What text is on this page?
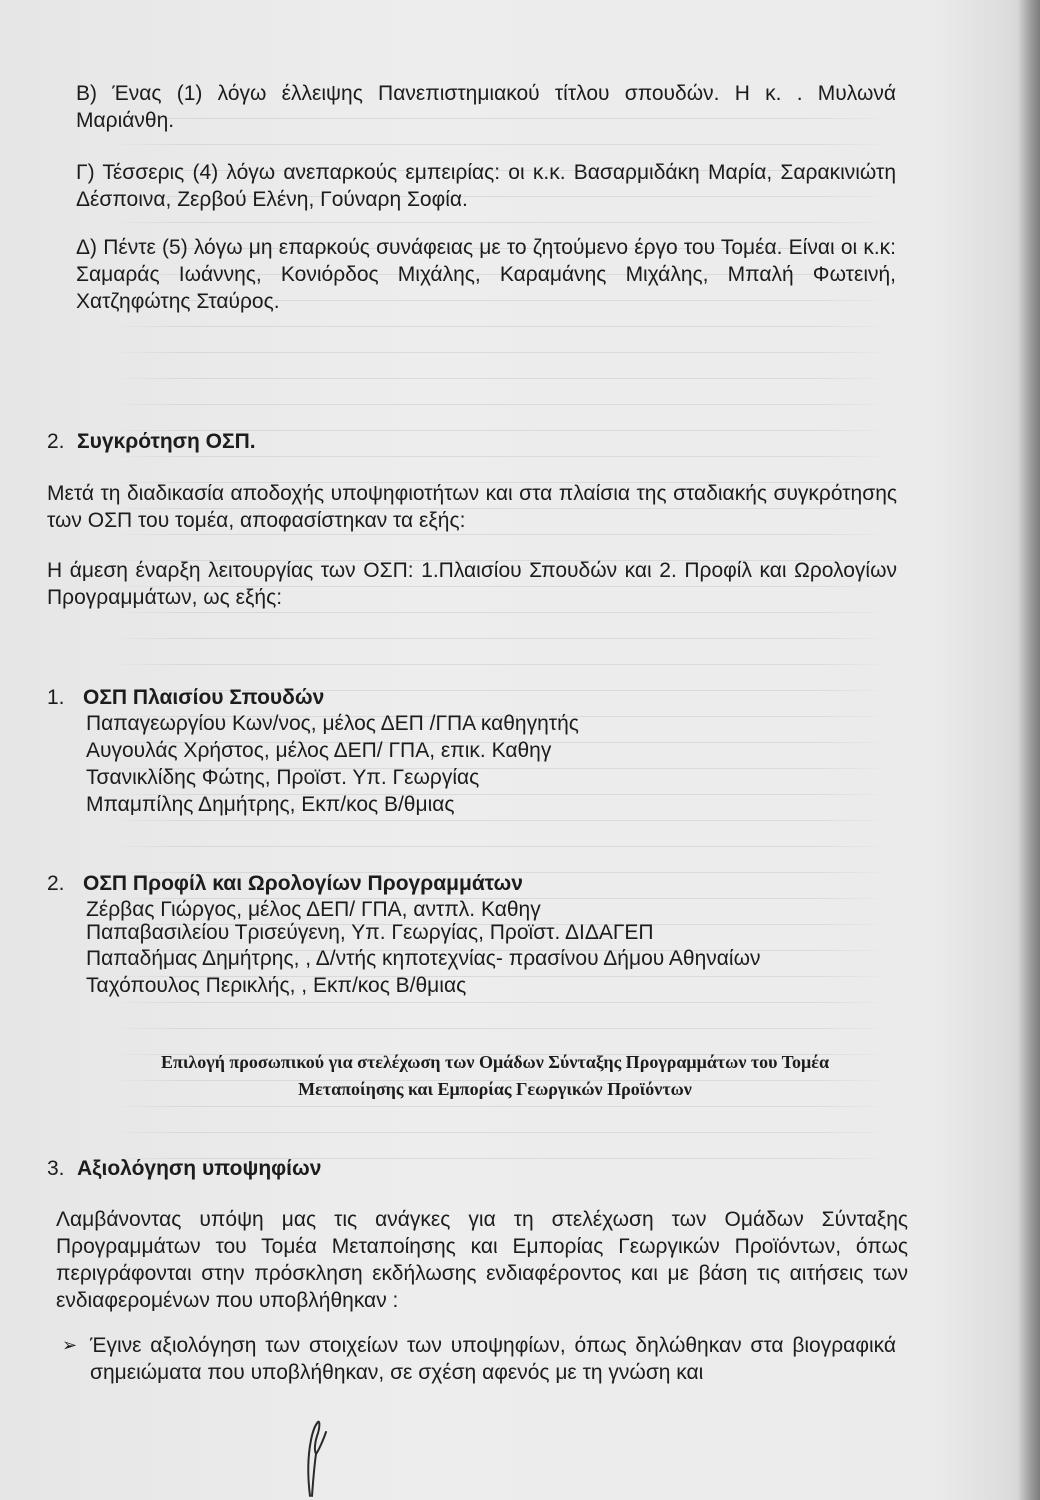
Β) Ένας (1) λόγω έλλειψης Πανεπιστημιακού τίτλου σπουδών. Η κ. . Μυλωνά Μαριάνθη.

Γ) Τέσσερις (4) λόγω ανεπαρκούς εμπειρίας: οι κ.κ. Βασαρμιδάκη Μαρία, Σαρακινιώτη Δέσποινα, Ζερβού Ελένη, Γούναρη Σοφία.

Δ) Πέντε (5) λόγω μη επαρκούς συνάφειας με το ζητούμενο έργο του Τομέα. Είναι οι κ.κ: Σαμαράς Ιωάννης, Κονιόρδος Μιχάλης, Καραμάνης Μιχάλης, Μπαλή Φωτεινή, Χατζηφώτης Σταύρος.

2. Συγκρότηση ΟΣΠ.

Μετά τη διαδικασία αποδοχής υποψηφιοτήτων και στα πλαίσια της σταδιακής συγκρότησης των ΟΣΠ του τομέα, αποφασίστηκαν τα εξής:

Η άμεση έναρξη λειτουργίας των ΟΣΠ: 1.Πλαισίου Σπουδών και 2. Προφίλ και Ωρολογίων Προγραμμάτων, ως εξής:

1. ΟΣΠ Πλαισίου Σπουδών

Παπαγεωργίου Κων/νος, μέλος ΔΕΠ /ΓΠΑ καθηγητής

Αυγουλάς Χρήστος, μέλος ΔΕΠ/ ΓΠΑ, επικ. Καθηγ

Τσανικλίδης Φώτης, Προϊστ. Υπ. Γεωργίας

Μπαμπίλης Δημήτρης, Εκπ/κος Β/θμιας

2. ΟΣΠ Προφίλ και Ωρολογίων Προγραμμάτων

Ζέρβας Γιώργος, μέλος ΔΕΠ/ ΓΠΑ, αντπλ. Καθηγ

Παπαβασιλείου Τρισεύγενη, Υπ. Γεωργίας, Προϊστ. ΔΙΔΑΓΕΠ

Παπαδήμας Δημήτρης, , Δ/ντής κηποτεχνίας- πρασίνου Δήμου Αθηναίων

Ταχόπουλος Περικλής, , Εκπ/κος Β/θμιας

Επιλογή προσωπικού για στελέχωση των Ομάδων Σύνταξης Προγραμμάτων του Τομέα

Μεταποίησης και Εμπορίας Γεωργικών Προϊόντων

3. Αξιολόγηση υποψηφίων

Λαμβάνοντας υπόψη μας τις ανάγκες για τη στελέχωση των Ομάδων Σύνταξης Προγραμμάτων του Τομέα Μεταποίησης και Εμπορίας Γεωργικών Προϊόντων, όπως περιγράφονται στην πρόσκληση εκδήλωσης ενδιαφέροντος και με βάση τις αιτήσεις των ενδιαφερομένων που υποβλήθηκαν :

➢ Έγινε αξιολόγηση των στοιχείων των υποψηφίων, όπως δηλώθηκαν στα βιογραφικά σημειώματα που υποβλήθηκαν, σε σχέση αφενός με τη γνώση και
